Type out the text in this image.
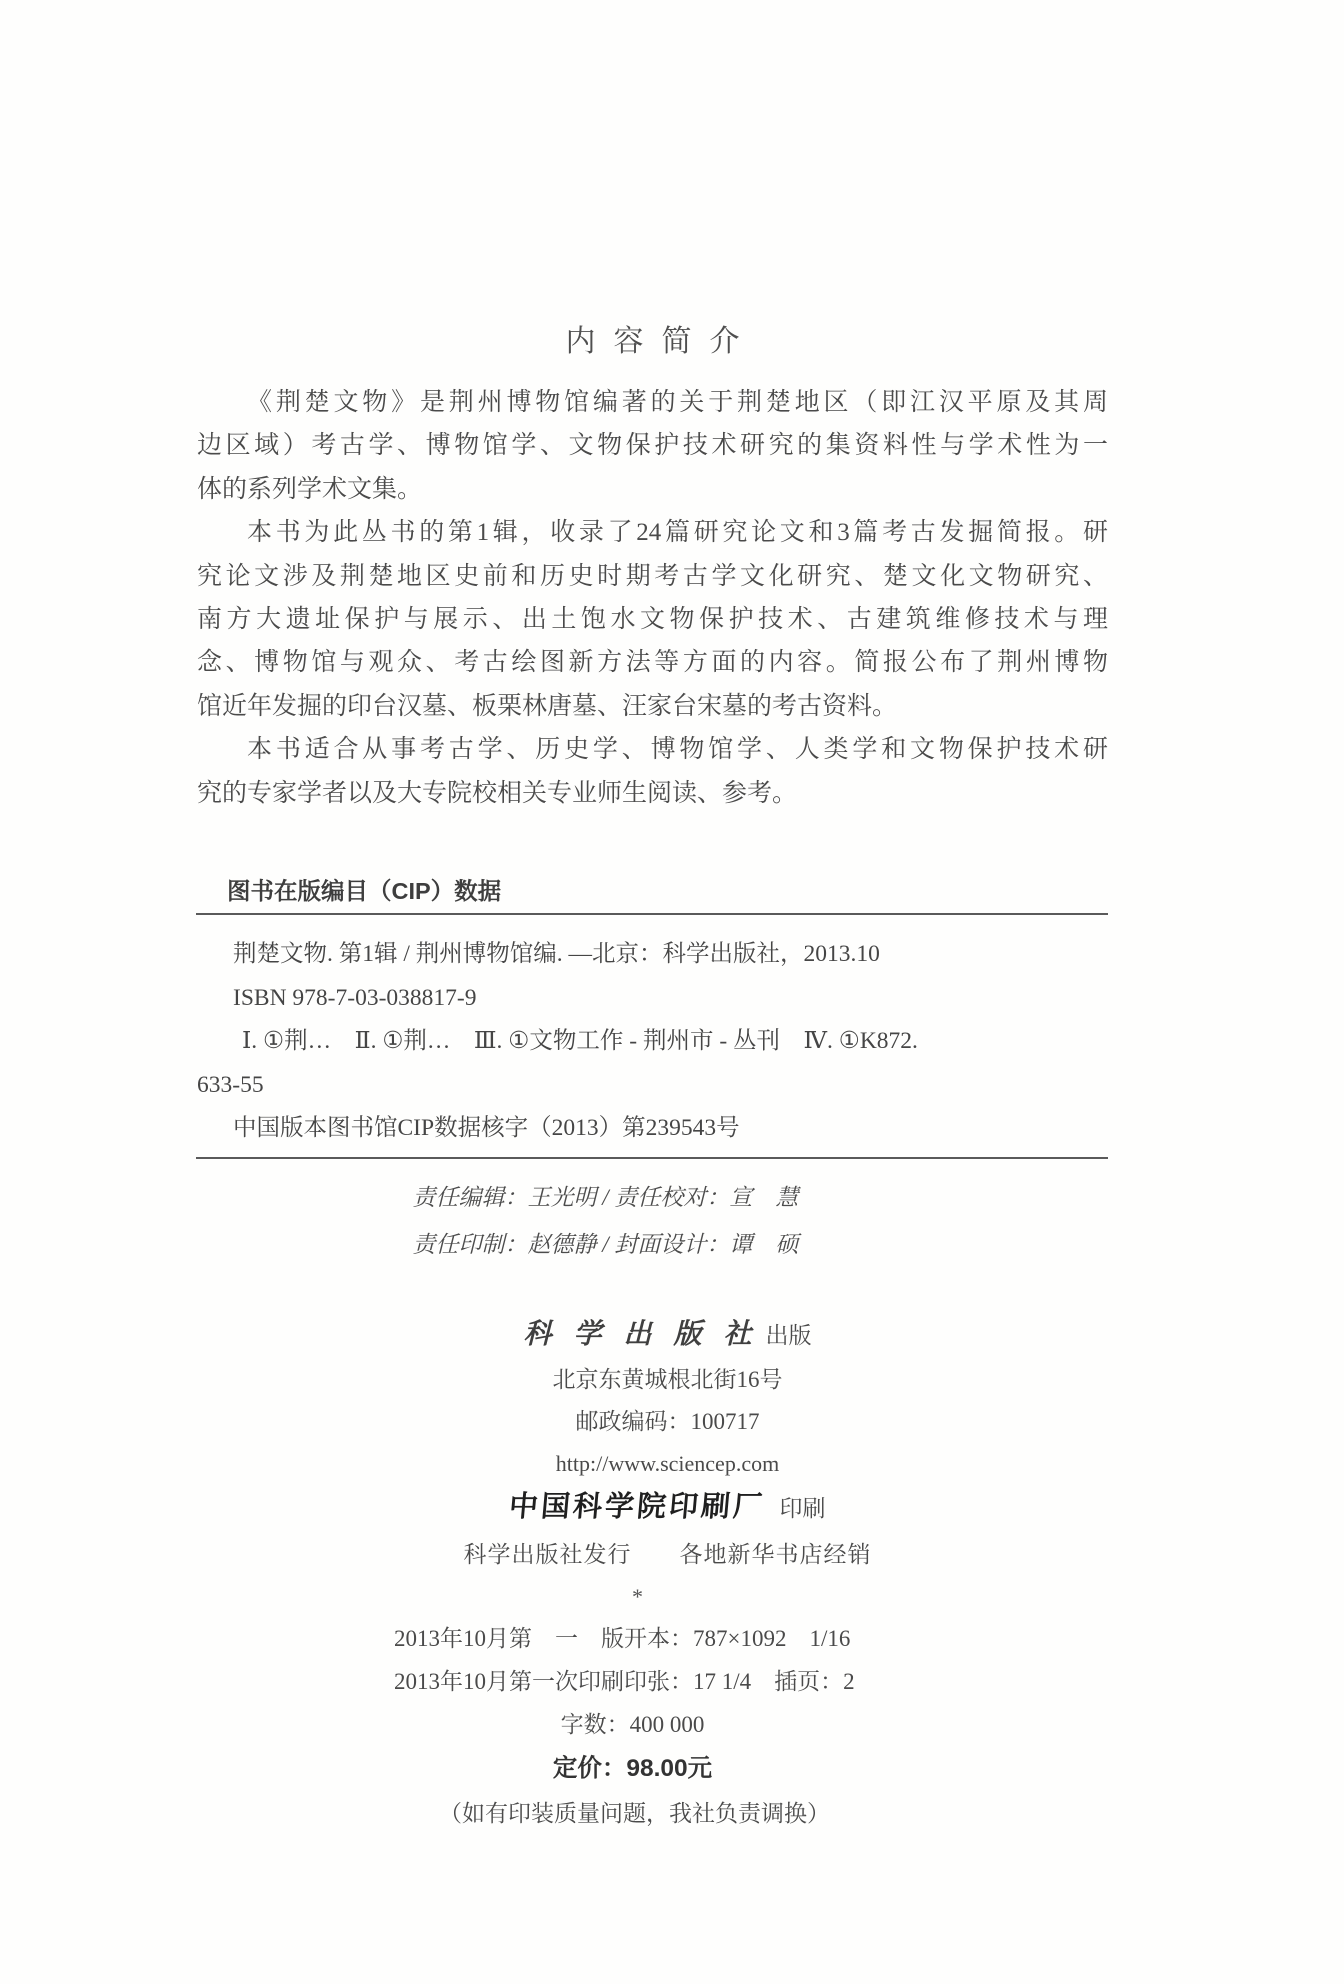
内容简介
《荆楚文物》是荆州博物馆编著的关于荆楚地区（即江汉平原及其周
边区域）考古学、博物馆学、文物保护技术研究的集资料性与学术性为一
体的系列学术文集。
本书为此丛书的第1辑，收录了24篇研究论文和3篇考古发掘简报。研
究论文涉及荆楚地区史前和历史时期考古学文化研究、楚文化文物研究、
南方大遗址保护与展示、出土饱水文物保护技术、古建筑维修技术与理
念、博物馆与观众、考古绘图新方法等方面的内容。简报公布了荆州博物
馆近年发掘的印台汉墓、板栗林唐墓、汪家台宋墓的考古资料。
本书适合从事考古学、历史学、博物馆学、人类学和文物保护技术研
究的专家学者以及大专院校相关专业师生阅读、参考。
图书在版编目（CIP）数据
荆楚文物. 第1辑 / 荆州博物馆编. —北京：科学出版社，2013.10
ISBN 978-7-03-038817-9
Ⅰ. ①荆…　Ⅱ. ①荆…　Ⅲ. ①文物工作 - 荆州市 - 丛刊　Ⅳ. ①K872.
633-55
中国版本图书馆CIP数据核字（2013）第239543号
责任编辑：王光明 / 责任校对：宣　慧
责任印制：赵德静 / 封面设计：谭　硕
科学出版社出版
北京东黄城根北街16号
邮政编码：100717
http://www.sciencep.com
中国科学院印刷厂 印刷
科学出版社发行　　各地新华书店经销
*
2013年10月第　一　版 开本：787×1092　1/16
2013年10月第一次印刷 印张：17 1/4　插页：2
字数：400 000
定价：98.00元
（如有印装质量问题，我社负责调换）
